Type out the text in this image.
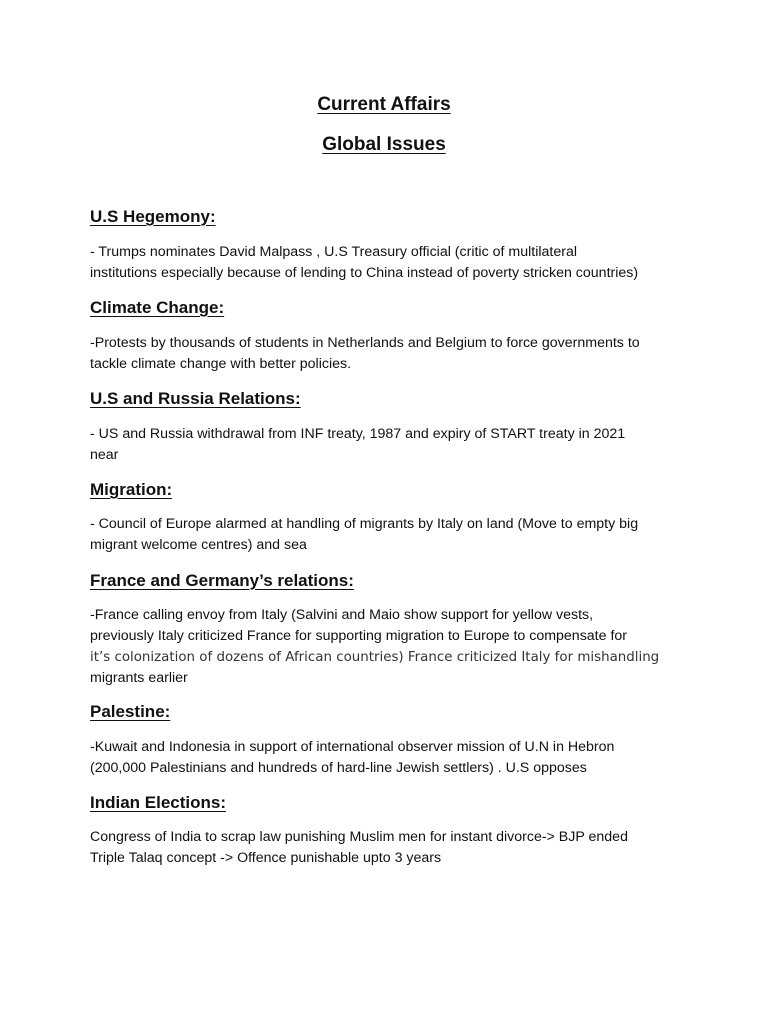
Current Affairs
Global Issues
U.S Hegemony:
- Trumps nominates David Malpass , U.S Treasury official (critic of multilateral
institutions especially because of lending to China instead of poverty stricken countries)
Climate Change:
-Protests by thousands of students in Netherlands and Belgium to force governments to
tackle climate change with better policies.
U.S and Russia Relations:
- US and Russia withdrawal from INF treaty, 1987 and expiry of START treaty in 2021
near
Migration:
- Council of Europe alarmed at handling of migrants by Italy on land (Move to empty big
migrant welcome centres) and sea
France and Germany’s relations:
-France calling envoy from Italy (Salvini and Maio show support for yellow vests,
previously Italy criticized France for supporting migration to Europe to compensate for
it’s colonization of dozens of African countries) France criticized Italy for mishandling
migrants earlier
Palestine:
-Kuwait and Indonesia in support of international observer mission of U.N in Hebron
(200,000 Palestinians and hundreds of hard-line Jewish settlers) . U.S opposes
Indian Elections:
Congress of India to scrap law punishing Muslim men for instant divorce-> BJP ended
Triple Talaq concept -> Offence punishable upto 3 years
